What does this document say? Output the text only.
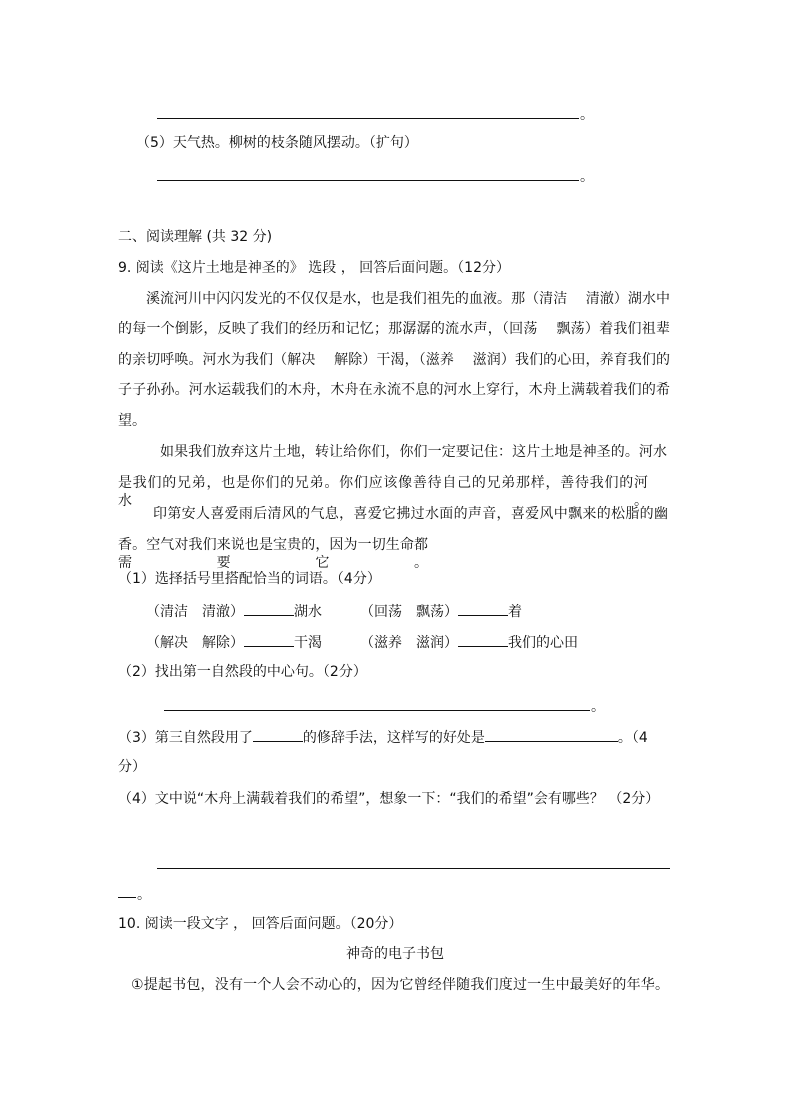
。
（5）天气热。柳树的枝条随风摆动。（扩句）
。
二、阅读理解 (共 32 分)
9. 阅读《这片土地是神圣的》 选段 ， 回答后面问题。（12分）
溪流河川中闪闪发光的不仅仅是水，也是我们祖先的血液。那（清洁　 清澈）湖水中
的每一个倒影，反映了我们的经历和记忆；那潺潺的流水声，（回荡　 飘荡）着我们祖辈
的亲切呼唤。河水为我们（解决　 解除）干渴，（滋养　 滋润）我们的心田，养育我们的
子子孙孙。河水运载我们的木舟，木舟在永流不息的河水上穿行，木舟上满载着我们的希
望。
如果我们放弃这片土地，转让给你们，你们一定要记住：这片土地是神圣的。河水
是我们的兄弟，也是你们的兄弟。你们应该像善待自己的兄弟那样，善待我们的河水。
印第安人喜爱雨后清风的气息，喜爱它拂过水面的声音，喜爱风中飘来的松脂的幽
香。空气对我们来说也是宝贵的，因为一切生命都需要它。
（1）选择括号里搭配恰当的词语。（4分）
（清洁　清澈）	湖水	（回荡　飘荡）	着
（解决　解除）	干渴	（滋养　滋润）	我们的心田
（2）找出第一自然段的中心句。（2分）
。
（3）第三自然段用了	的修辞手法，这样写的好处是	。（4
分）
（4）文中说“木舟上满载着我们的希望”，想象一下：“我们的希望”会有哪些？ （2分）
。
10. 阅读一段文字 ， 回答后面问题。（20分）
神奇的电子书包
①提起书包，没有一个人会不动心的，因为它曾经伴随我们度过一生中最美好的年华。
